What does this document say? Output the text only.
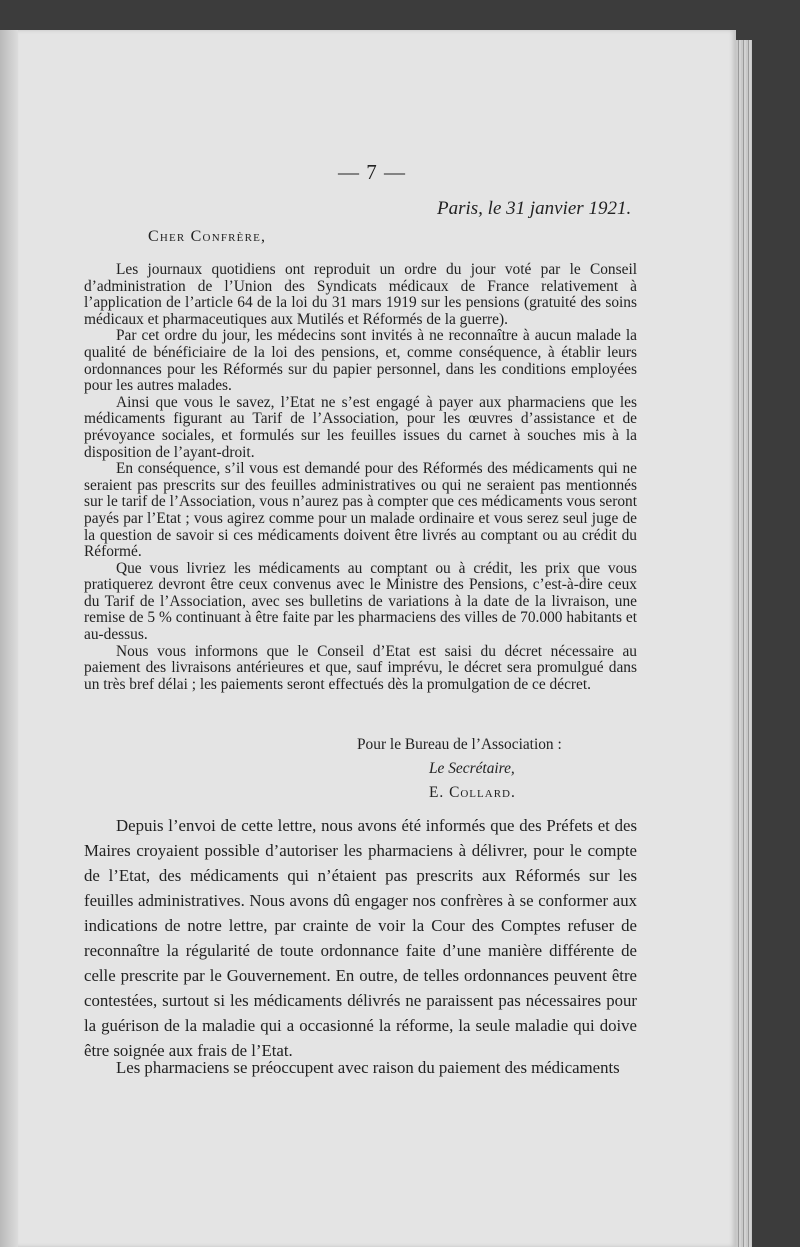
— 7 —
Paris, le 31 janvier 1921.
Cher Confrère,

Les journaux quotidiens ont reproduit un ordre du jour voté par le Conseil d’administration de l’Union des Syndicats médicaux de France relativement à l’application de l’article 64 de la loi du 31 mars 1919 sur les pensions (gratuité des soins médicaux et pharmaceutiques aux Mutilés et Réformés de la guerre).

Par cet ordre du jour, les médecins sont invités à ne reconnaître à aucun malade la qualité de bénéficiaire de la loi des pensions, et, comme conséquence, à établir leurs ordonnances pour les Réformés sur du papier personnel, dans les conditions employées pour les autres malades.

Ainsi que vous le savez, l’Etat ne s’est engagé à payer aux pharmaciens que les médicaments figurant au Tarif de l’Association, pour les œuvres d’assistance et de prévoyance sociales, et formulés sur les feuilles issues du carnet à souches mis à la disposition de l’ayant-droit.

En conséquence, s’il vous est demandé pour des Réformés des médicaments qui ne seraient pas prescrits sur des feuilles administratives ou qui ne seraient pas mentionnés sur le tarif de l’Association, vous n’aurez pas à compter que ces médicaments vous seront payés par l’Etat ; vous agirez comme pour un malade ordinaire et vous serez seul juge de la question de savoir si ces médicaments doivent être livrés au comptant ou au crédit du Réformé.

Que vous livriez les médicaments au comptant ou à crédit, les prix que vous pratiquerez devront être ceux convenus avec le Ministre des Pensions, c’est-à-dire ceux du Tarif de l’Association, avec ses bulletins de variations à la date de la livraison, une remise de 5 % continuant à être faite par les pharmaciens des villes de 70.000 habitants et au-dessus.

Nous vous informons que le Conseil d’Etat est saisi du décret nécessaire au paiement des livraisons antérieures et que, sauf imprévu, le décret sera promulgué dans un très bref délai ; les paiements seront effectués dès la promulgation de ce décret.

Pour le Bureau de l’Association :
Le Secrétaire,
E. Collard.

Depuis l’envoi de cette lettre, nous avons été informés que des Préfets et des Maires croyaient possible d’autoriser les pharmaciens à délivrer, pour le compte de l’Etat, des médicaments qui n’étaient pas prescrits aux Réformés sur les feuilles administratives. Nous avons dû engager nos confrères à se conformer aux indications de notre lettre, par crainte de voir la Cour des Comptes refuser de reconnaître la régularité de toute ordonnance faite d’une manière différente de celle prescrite par le Gouvernement. En outre, de telles ordonnances peuvent être contestées, surtout si les médicaments délivrés ne paraissent pas nécessaires pour la guérison de la maladie qui a occasionné la réforme, la seule maladie qui doive être soignée aux frais de l’Etat.

Les pharmaciens se préoccupent avec raison du paiement des médicaments
